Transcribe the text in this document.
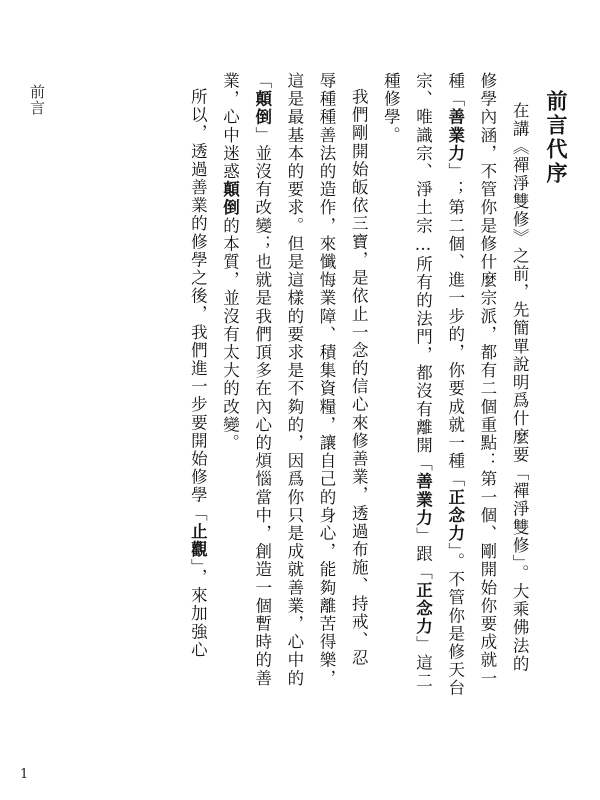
前言	前言代序
在講《禪淨雙修》之前，先簡單說明爲什麼要「禪淨雙修」。大乘佛法的
修學內涵，不管你是修什麼宗派，都有二個重點：第一個、剛開始你要成就一
種「善業力」；第二個、進一步的，你要成就一種「正念力」。不管你是修天台
宗、唯識宗、淨土宗…所有的法門，都沒有離開「善業力」跟「正念力」這二
種修學。
我們剛開始皈依三寶，是依止一念的信心來修善業，透過布施、持戒、忍
辱種種善法的造作，來懺悔業障、積集資糧，讓自己的身心，能夠離苦得樂，
這是最基本的要求。但是這樣的要求是不夠的，因爲你只是成就善業，心中的
「顛倒」並沒有改變；也就是我們頂多在內心的煩惱當中，創造一個暫時的善
業，心中迷惑顛倒的本質，並沒有太大的改變。
所以，透過善業的修學之後，我們進一步要開始修學「止觀」，來加強心
1
